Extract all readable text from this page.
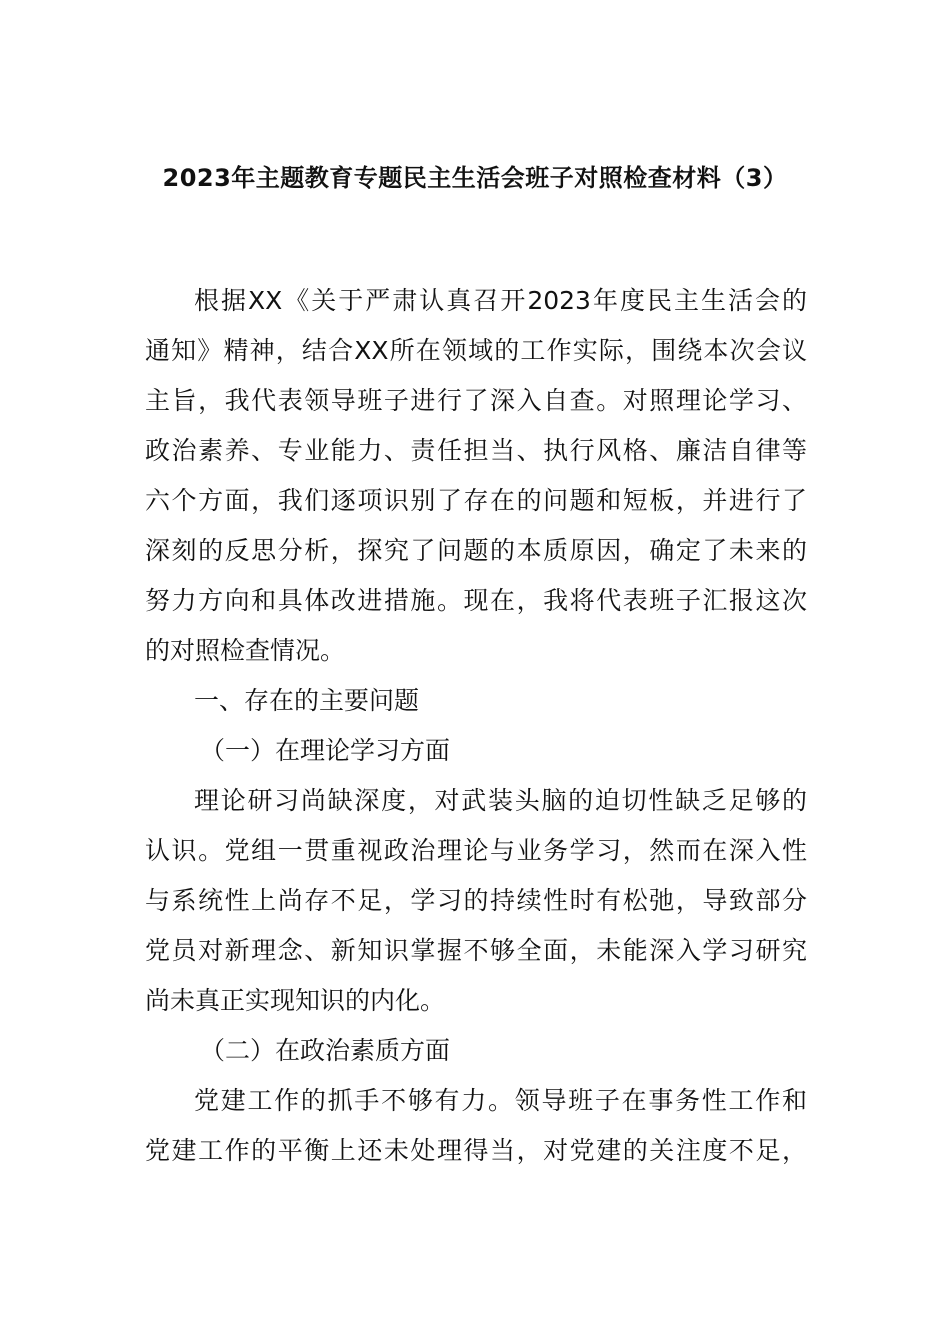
2023年主题教育专题民主生活会班子对照检查材料（3）
根据XX《关于严肃认真召开2023年度民主生活会的
通知》精神，结合XX所在领域的工作实际，围绕本次会议
主旨，我代表领导班子进行了深入自查。对照理论学习、
政治素养、专业能力、责任担当、执行风格、廉洁自律等
六个方面，我们逐项识别了存在的问题和短板，并进行了
深刻的反思分析，探究了问题的本质原因，确定了未来的
努力方向和具体改进措施。现在，我将代表班子汇报这次
的对照检查情况。
一、存在的主要问题
（一）在理论学习方面
理论研习尚缺深度，对武装头脑的迫切性缺乏足够的
认识。党组一贯重视政治理论与业务学习，然而在深入性
与系统性上尚存不足，学习的持续性时有松弛，导致部分
党员对新理念、新知识掌握不够全面，未能深入学习研究
尚未真正实现知识的内化。
（二）在政治素质方面
党建工作的抓手不够有力。领导班子在事务性工作和
党建工作的平衡上还未处理得当，对党建的关注度不足，
